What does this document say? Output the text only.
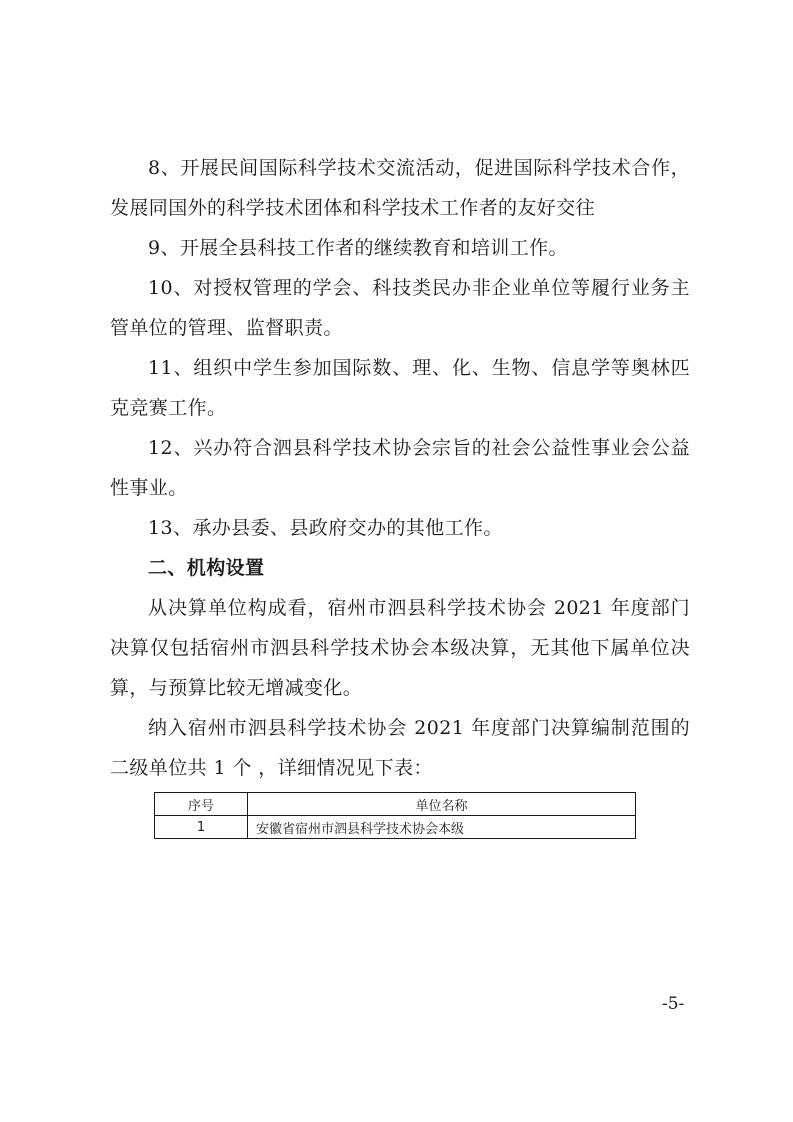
8、开展民间国际科学技术交流活动，促进国际科学技术合作，发展同国外的科学技术团体和科学技术工作者的友好交往

9、开展全县科技工作者的继续教育和培训工作。

10、对授权管理的学会、科技类民办非企业单位等履行业务主管单位的管理、监督职责。

11、组织中学生参加国际数、理、化、生物、信息学等奥林匹克竞赛工作。

12、兴办符合泗县科学技术协会宗旨的社会公益性事业会公益性事业。

13、承办县委、县政府交办的其他工作。

二、机构设置

从决算单位构成看，宿州市泗县科学技术协会 2021 年度部门决算仅包括宿州市泗县科学技术协会本级决算，无其他下属单位决算，与预算比较无增减变化。

纳入宿州市泗县科学技术协会 2021 年度部门决算编制范围的二级单位共 1 个 ，详细情况见下表：

序号	单位名称
1	安徽省宿州市泗县科学技术协会本级
-5-
